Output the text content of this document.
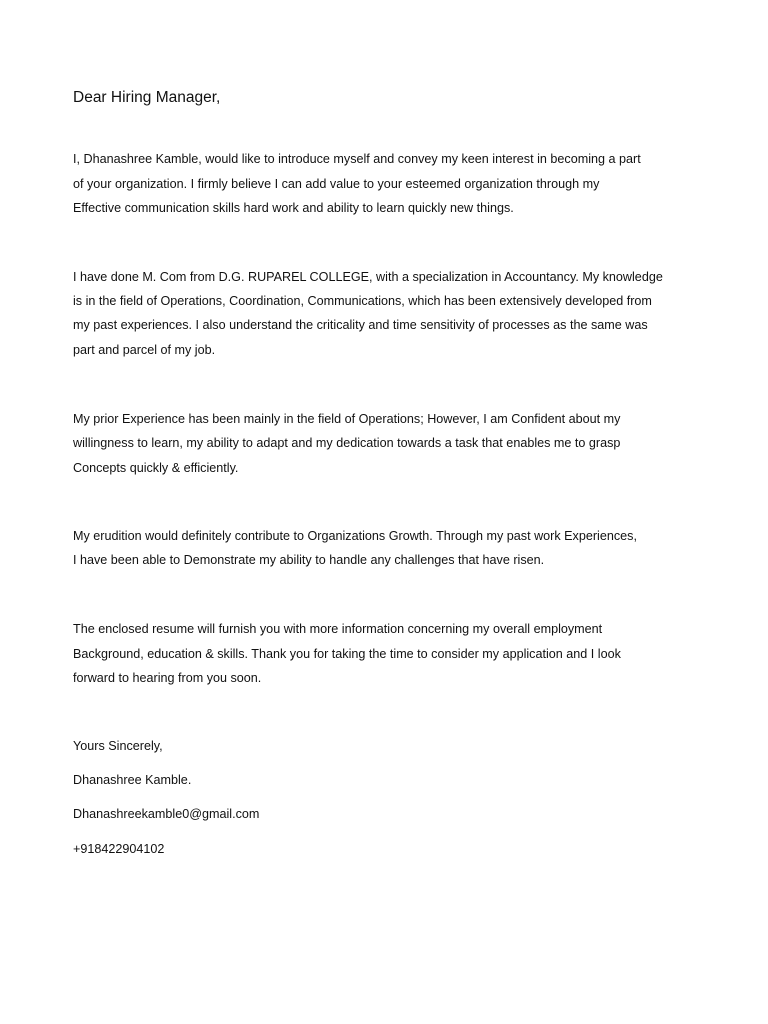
Dear Hiring Manager,
I, Dhanashree Kamble, would like to introduce myself and convey my keen interest in becoming a part
of your organization. I firmly believe I can add value to your esteemed organization through my
Effective communication skills hard work and ability to learn quickly new things.
I have done M. Com from D.G. RUPAREL COLLEGE, with a specialization in Accountancy. My knowledge
is in the field of Operations, Coordination, Communications, which has been extensively developed from
my past experiences. I also understand the criticality and time sensitivity of processes as the same was
part and parcel of my job.
My prior Experience has been mainly in the field of Operations; However, I am Confident about my
willingness to learn, my ability to adapt and my dedication towards a task that enables me to grasp
Concepts quickly & efficiently.
My erudition would definitely contribute to Organizations Growth. Through my past work Experiences,
I have been able to Demonstrate my ability to handle any challenges that have risen.
The enclosed resume will furnish you with more information concerning my overall employment
Background, education & skills. Thank you for taking the time to consider my application and I look
forward to hearing from you soon.
Yours Sincerely,
Dhanashree Kamble.
Dhanashreekamble0@gmail.com
+918422904102
